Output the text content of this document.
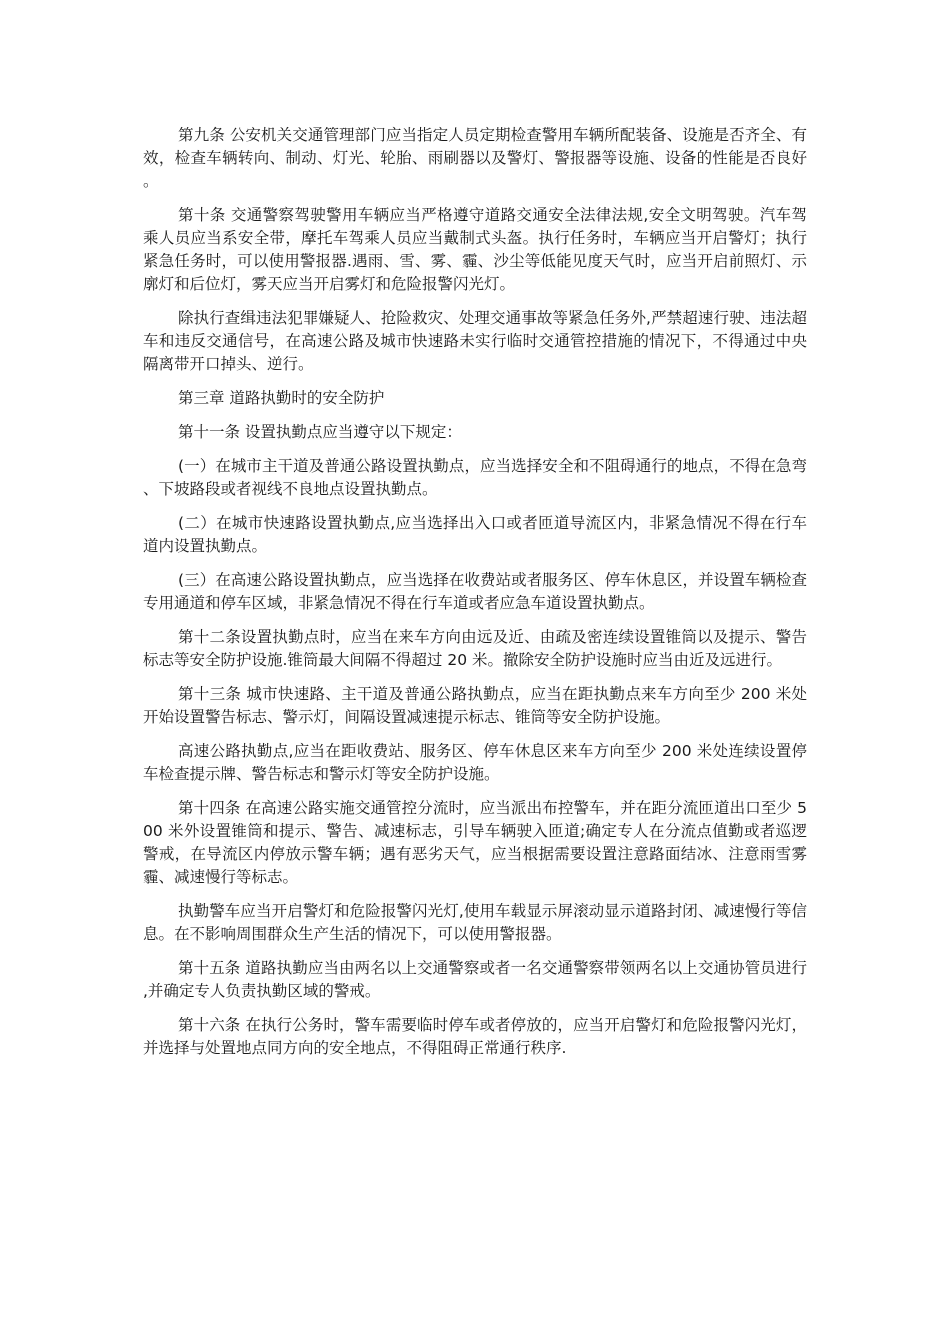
第九条 公安机关交通管理部门应当指定人员定期检查警用车辆所配装备、设施是否齐全、有效，检查车辆转向、制动、灯光、轮胎、雨刷器以及警灯、警报器等设施、设备的性能是否良好。

第十条 交通警察驾驶警用车辆应当严格遵守道路交通安全法律法规,安全文明驾驶。汽车驾乘人员应当系安全带，摩托车驾乘人员应当戴制式头盔。执行任务时，车辆应当开启警灯；执行紧急任务时，可以使用警报器.遇雨、雪、雾、霾、沙尘等低能见度天气时，应当开启前照灯、示廓灯和后位灯，雾天应当开启雾灯和危险报警闪光灯。

除执行查缉违法犯罪嫌疑人、抢险救灾、处理交通事故等紧急任务外,严禁超速行驶、违法超车和违反交通信号，在高速公路及城市快速路未实行临时交通管控措施的情况下，不得通过中央隔离带开口掉头、逆行。

第三章 道路执勤时的安全防护

第十一条 设置执勤点应当遵守以下规定：

(一）在城市主干道及普通公路设置执勤点，应当选择安全和不阻碍通行的地点，不得在急弯、下坡路段或者视线不良地点设置执勤点。

(二）在城市快速路设置执勤点,应当选择出入口或者匝道导流区内，非紧急情况不得在行车道内设置执勤点。

(三）在高速公路设置执勤点，应当选择在收费站或者服务区、停车休息区，并设置车辆检查专用通道和停车区域，非紧急情况不得在行车道或者应急车道设置执勤点。

第十二条设置执勤点时，应当在来车方向由远及近、由疏及密连续设置锥筒以及提示、警告标志等安全防护设施.锥筒最大间隔不得超过 20 米。撤除安全防护设施时应当由近及远进行。

第十三条 城市快速路、主干道及普通公路执勤点，应当在距执勤点来车方向至少 200 米处开始设置警告标志、警示灯，间隔设置减速提示标志、锥筒等安全防护设施。

高速公路执勤点,应当在距收费站、服务区、停车休息区来车方向至少 200 米处连续设置停车检查提示牌、警告标志和警示灯等安全防护设施。

第十四条 在高速公路实施交通管控分流时，应当派出布控警车，并在距分流匝道出口至少 500 米外设置锥筒和提示、警告、减速标志，引导车辆驶入匝道;确定专人在分流点值勤或者巡逻警戒，在导流区内停放示警车辆；遇有恶劣天气，应当根据需要设置注意路面结冰、注意雨雪雾霾、减速慢行等标志。

执勤警车应当开启警灯和危险报警闪光灯,使用车载显示屏滚动显示道路封闭、减速慢行等信息。在不影响周围群众生产生活的情况下，可以使用警报器。

第十五条 道路执勤应当由两名以上交通警察或者一名交通警察带领两名以上交通协管员进行,并确定专人负责执勤区域的警戒。

第十六条 在执行公务时，警车需要临时停车或者停放的，应当开启警灯和危险报警闪光灯，并选择与处置地点同方向的安全地点，不得阻碍正常通行秩序.
